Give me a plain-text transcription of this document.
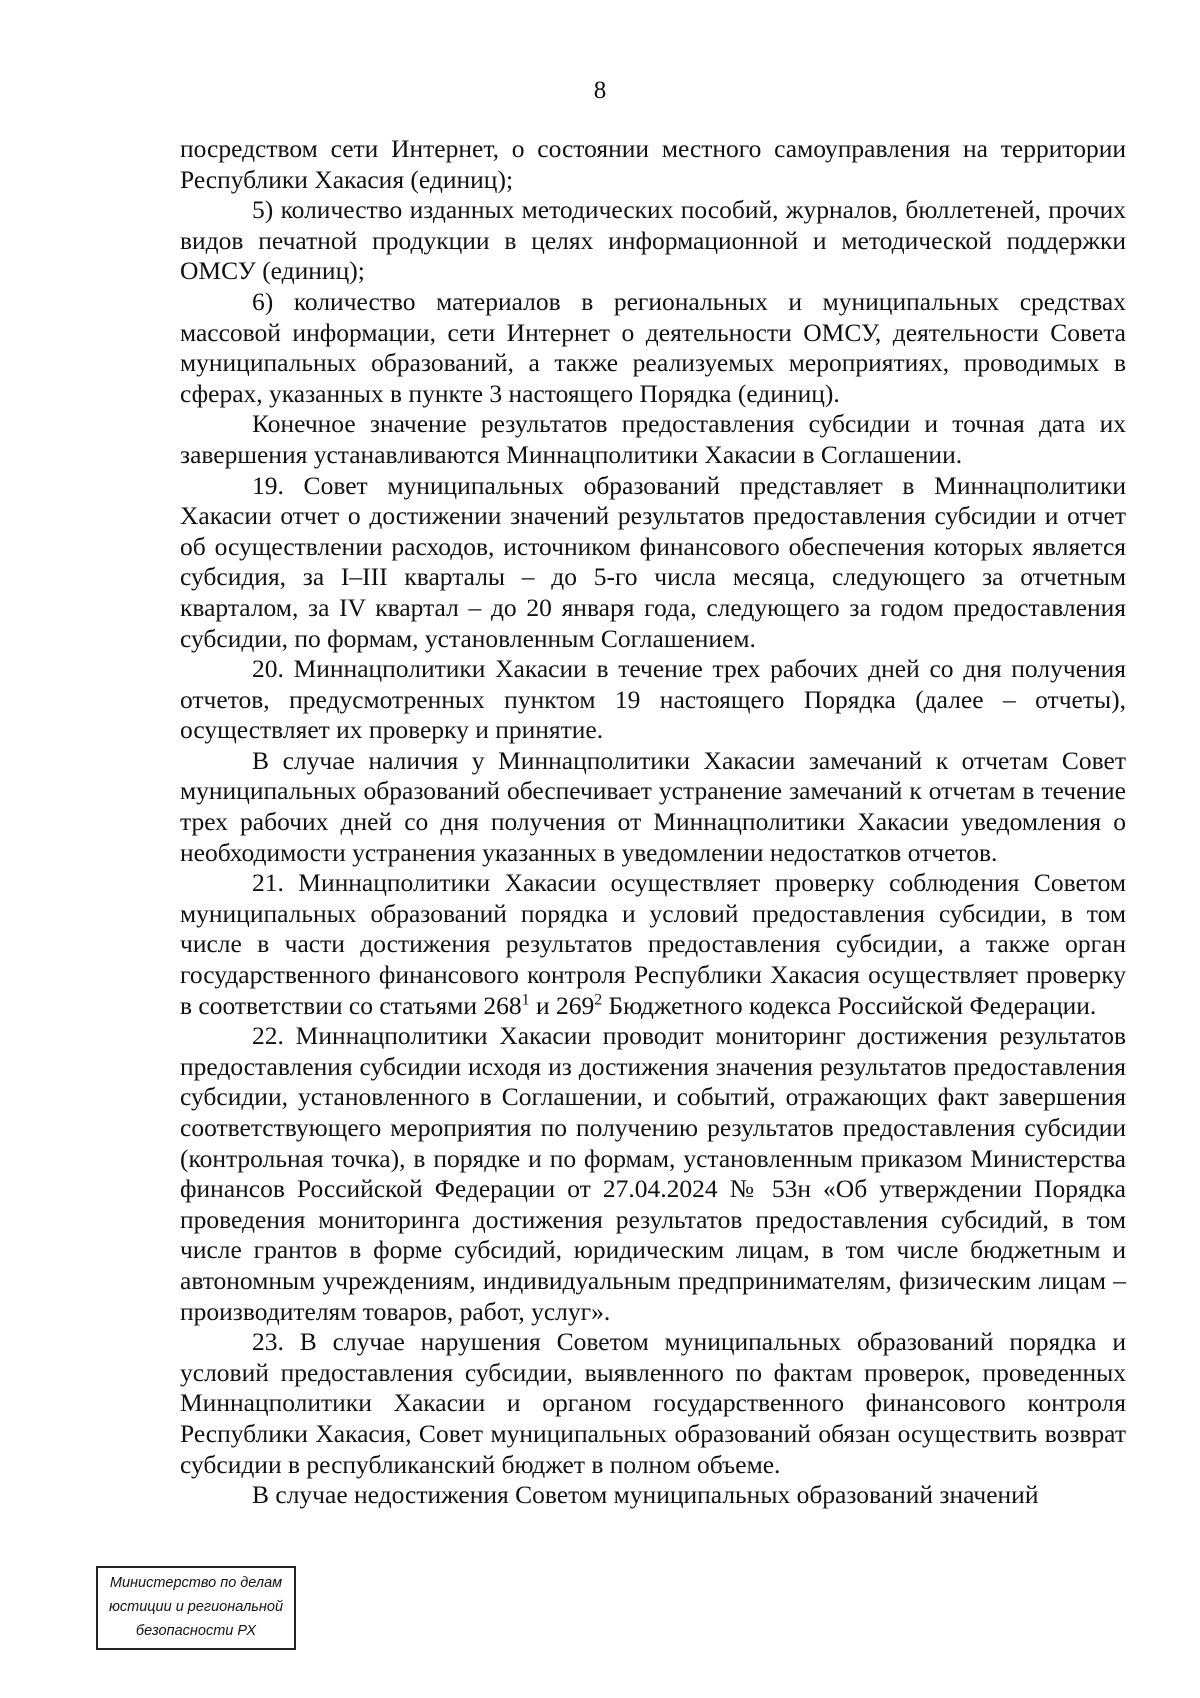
8

посредством сети Интернет, о состоянии местного самоуправления на территории Республики Хакасия (единиц);

5) количество изданных методических пособий, журналов, бюллетеней, прочих видов печатной продукции в целях информационной и методической поддержки ОМСУ (единиц);

6) количество материалов в региональных и муниципальных средствах массовой информации, сети Интернет о деятельности ОМСУ, деятельности Совета муниципальных образований, а также реализуемых мероприятиях, проводимых в сферах, указанных в пункте 3 настоящего Порядка (единиц).

Конечное значение результатов предоставления субсидии и точная дата их завершения устанавливаются Миннацполитики Хакасии в Соглашении.

19. Совет муниципальных образований представляет в Миннацполитики Хакасии отчет о достижении значений результатов предоставления субсидии и отчет об осуществлении расходов, источником финансового обеспечения которых является субсидия, за I–III кварталы – до 5-го числа месяца, следующего за отчетным кварталом, за IV квартал – до 20 января года, следующего за годом предоставления субсидии, по формам, установленным Соглашением.

20. Миннацполитики Хакасии в течение трех рабочих дней со дня получения отчетов, предусмотренных пунктом 19 настоящего Порядка (далее – отчеты), осуществляет их проверку и принятие.

В случае наличия у Миннацполитики Хакасии замечаний к отчетам Совет муниципальных образований обеспечивает устранение замечаний к отчетам в течение трех рабочих дней со дня получения от Миннацполитики Хакасии уведомления о необходимости устранения указанных в уведомлении недостатков отчетов.

21. Миннацполитики Хакасии осуществляет проверку соблюдения Советом муниципальных образований порядка и условий предоставления субсидии, в том числе в части достижения результатов предоставления субсидии, а также орган государственного финансового контроля Республики Хакасия осуществляет проверку в соответствии со статьями $268^1$ и $269^2$ Бюджетного кодекса Российской Федерации.

22. Миннацполитики Хакасии проводит мониторинг достижения результатов предоставления субсидии исходя из достижения значения результатов предоставления субсидии, установленного в Соглашении, и событий, отражающих факт завершения соответствующего мероприятия по получению результатов предоставления субсидии (контрольная точка), в порядке и по формам, установленным приказом Министерства финансов Российской Федерации от 27.04.2024 № 53н «Об утверждении Порядка проведения мониторинга достижения результатов предоставления субсидий, в том числе грантов в форме субсидий, юридическим лицам, в том числе бюджетным и автономным учреждениям, индивидуальным предпринимателям, физическим лицам – производителям товаров, работ, услуг».

23. В случае нарушения Советом муниципальных образований порядка и условий предоставления субсидии, выявленного по фактам проверок, проведенных Миннацполитики Хакасии и органом государственного финансового контроля Республики Хакасия, Совет муниципальных образований обязан осуществить возврат субсидии в республиканский бюджет в полном объеме.

В случае недостижения Советом муниципальных образований значений

Министерство по делам
юстиции и региональной
безопасности РХ
